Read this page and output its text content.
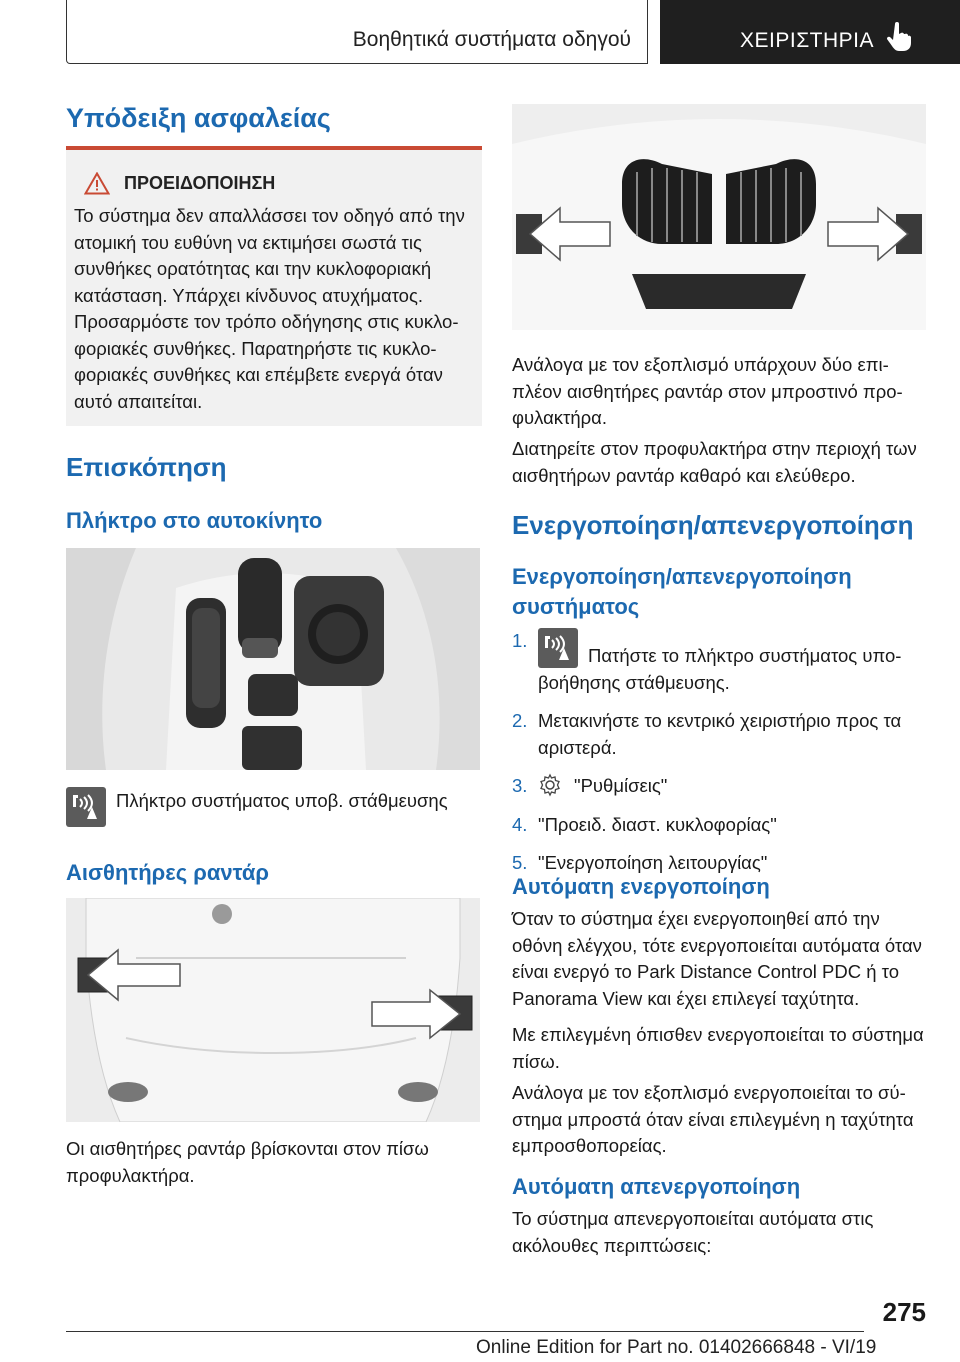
Βοηθητικά συστήματα οδηγού	ΧΕΙΡΙΣΤΗΡΙΑ
Υπόδειξη ασφαλείας
ΠΡΟΕΙΔΟΠΟΙΗΣΗ

Το σύστημα δεν απαλλάσσει τον οδηγό από την ατομική του ευθύνη να εκτιμήσει σωστά τις συνθήκες ορατότητας και την κυκλοφοριακή κατάσταση. Υπάρχει κίνδυνος ατυχήματος. Προσαρμόστε τον τρόπο οδήγησης στις κυκλοφοριακές συνθήκες. Παρατηρήστε τις κυκλοφοριακές συνθήκες και επέμβετε ενεργά όταν αυτό απαιτείται.

Επισκόπηση
Πλήκτρο στο αυτοκίνητο
Πλήκτρο συστήματος υποβ. στάθμευσης
Αισθητήρες ραντάρ
Οι αισθητήρες ραντάρ βρίσκονται στον πίσω προφυλακτήρα.
Ανάλογα με τον εξοπλισμό υπάρχουν δύο επιπλέον αισθητήρες ραντάρ στον μπροστινό προφυλακτήρα.
Διατηρείτε στον προφυλακτήρα στην περιοχή των αισθητήρων ραντάρ καθαρό και ελεύθερο.
Ενεργοποίηση/απενεργοποίηση
Ενεργοποίηση/απενεργοποίηση συστήματος
1.
Πατήστε το πλήκτρο συστήματος υποβοήθησης στάθμευσης.
2. Μετακινήστε το κεντρικό χειριστήριο προς τα αριστερά.
3.	"Ρυθμίσεις"
4. "Προειδ. διαστ. κυκλοφορίας"
5. "Ενεργοποίηση λειτουργίας"
Αυτόματη ενεργοποίηση
Όταν το σύστημα έχει ενεργοποιηθεί από την οθόνη ελέγχου, τότε ενεργοποιείται αυτόματα όταν είναι ενεργό το Park Distance Control PDC ή το Panorama View και έχει επιλεγεί ταχύτητα.
Με επιλεγμένη όπισθεν ενεργοποιείται το σύστημα πίσω.
Ανάλογα με τον εξοπλισμό ενεργοποιείται το σύστημα μπροστά όταν είναι επιλεγμένη η ταχύτητα εμπροσθοπορείας.
Αυτόματη απενεργοποίηση
Το σύστημα απενεργοποιείται αυτόματα στις ακόλουθες περιπτώσεις:
275
Online Edition for Part no. 01402666848 - VI/19
